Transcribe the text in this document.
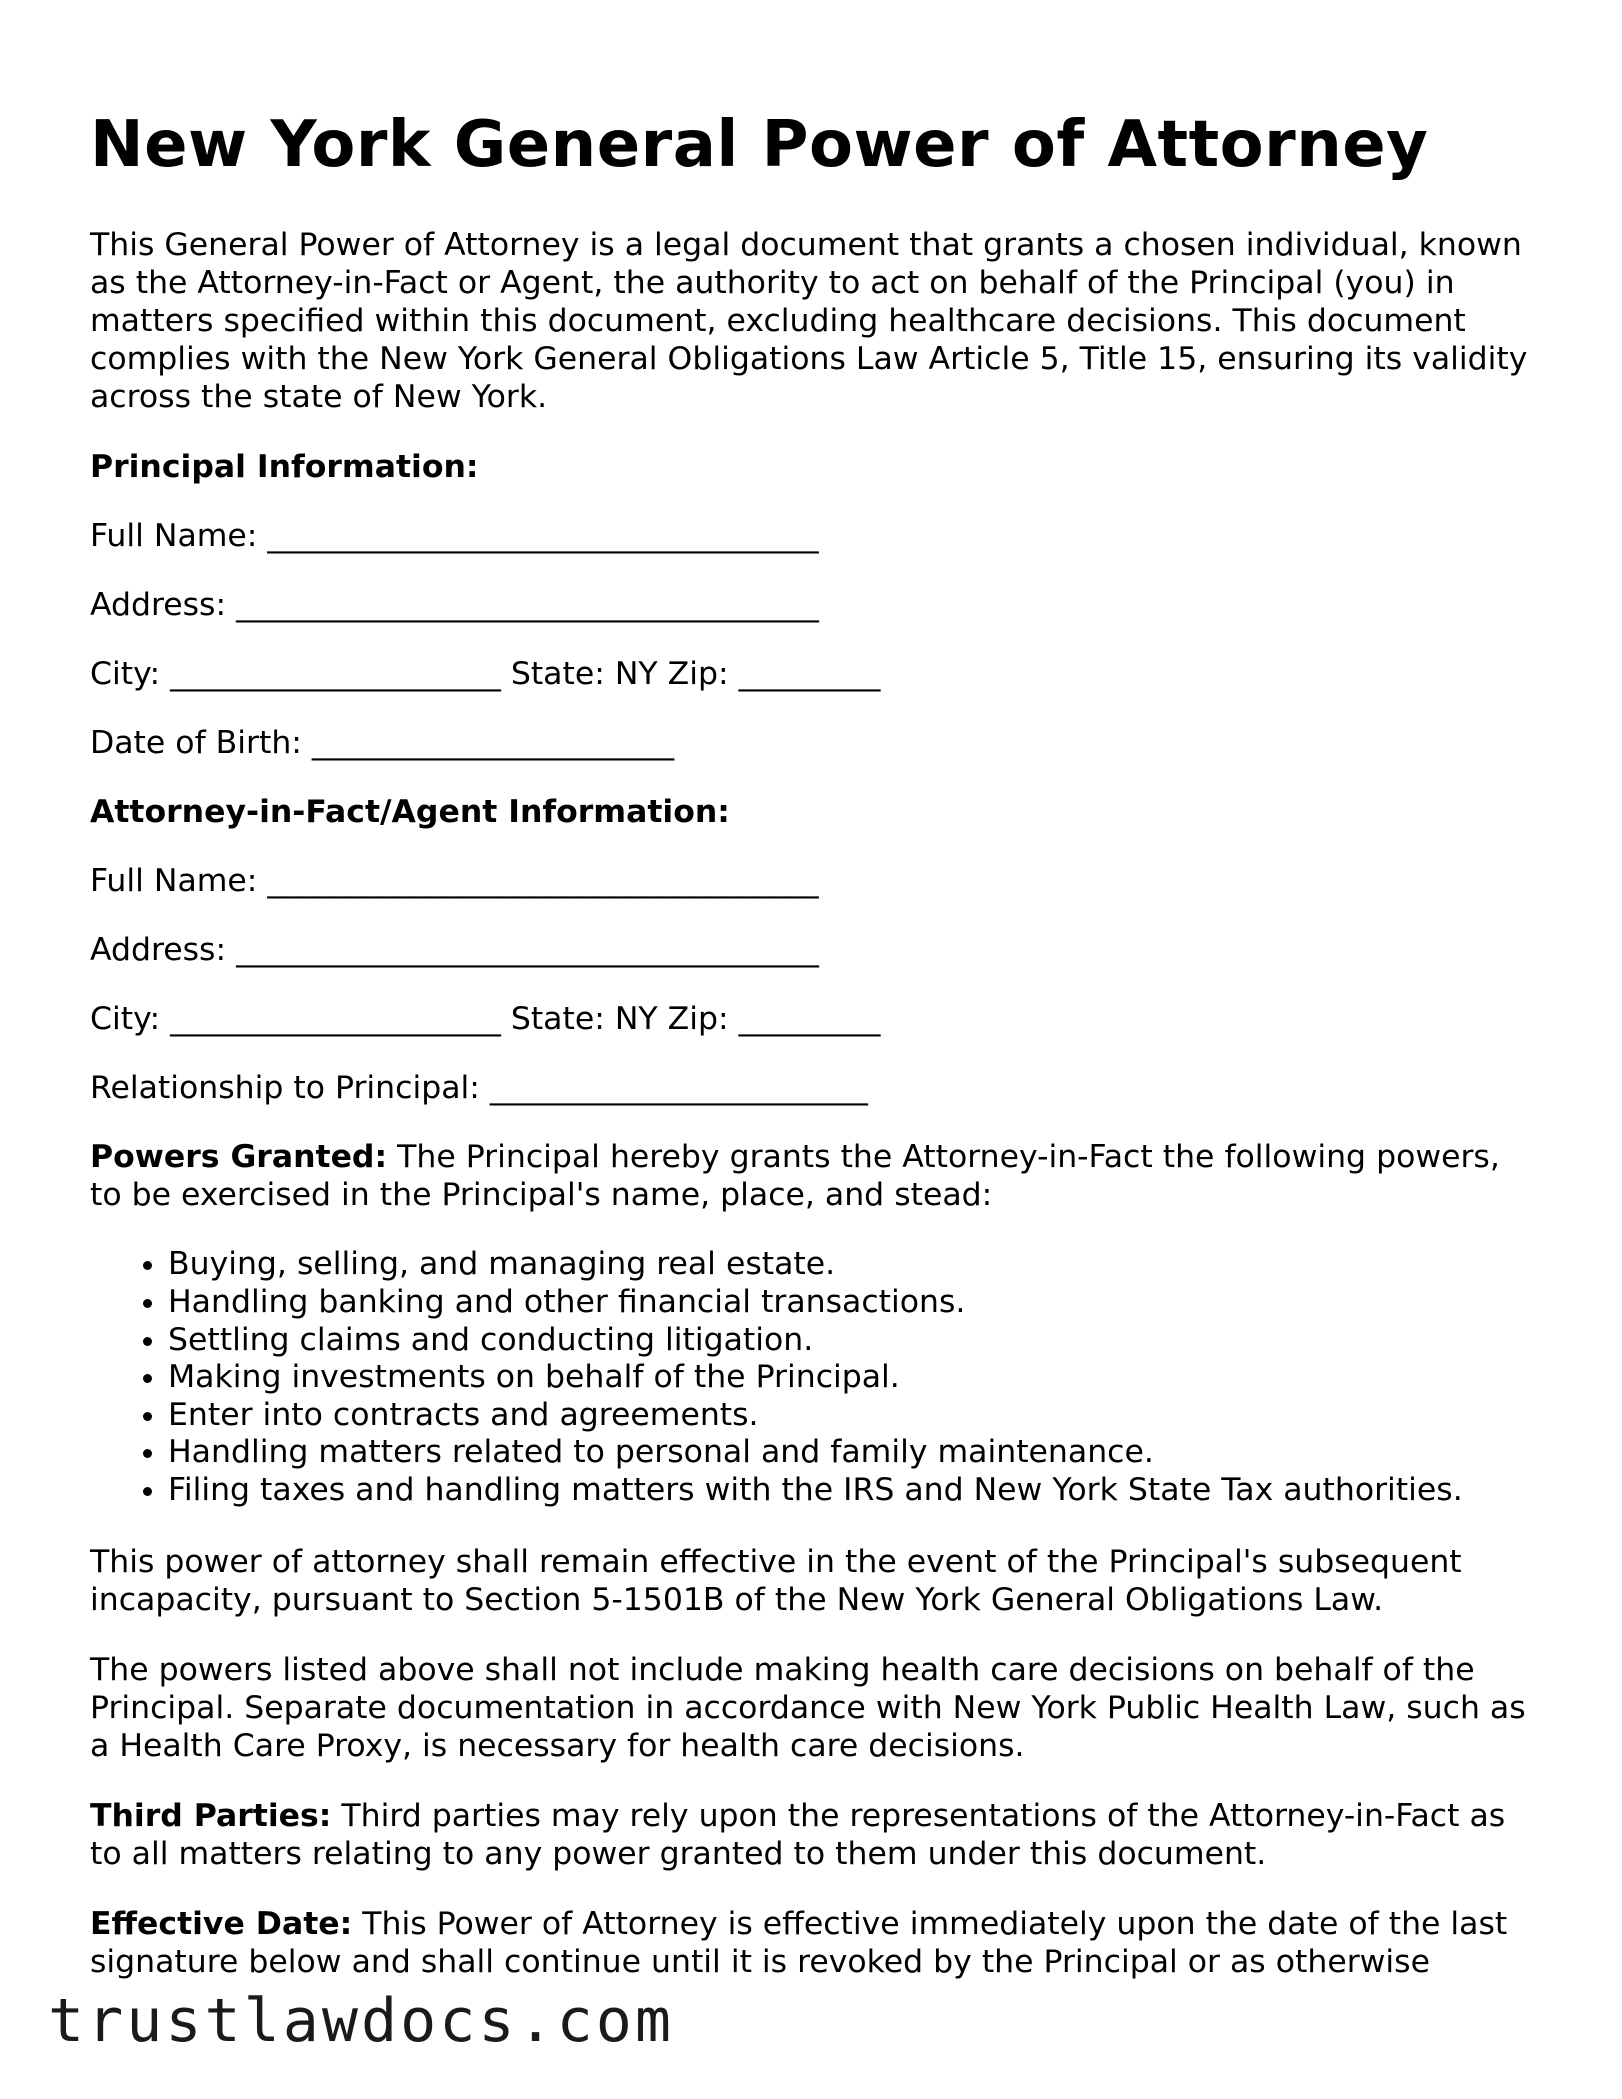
New York General Power of Attorney

This General Power of Attorney is a legal document that grants a chosen individual, known as the Attorney-in-Fact or Agent, the authority to act on behalf of the Principal (you) in matters specified within this document, excluding healthcare decisions. This document complies with the New York General Obligations Law Article 5, Title 15, ensuring its validity across the state of New York.

Principal Information:

Full Name: ___________________________________

Address: _____________________________________

City: _____________________ State: NY Zip: _________

Date of Birth: _______________________

Attorney-in-Fact/Agent Information:

Full Name: ___________________________________

Address: _____________________________________

City: _____________________ State: NY Zip: _________

Relationship to Principal: ________________________

Powers Granted: The Principal hereby grants the Attorney-in-Fact the following powers, to be exercised in the Principal's name, place, and stead:

• Buying, selling, and managing real estate.
• Handling banking and other financial transactions.
• Settling claims and conducting litigation.
• Making investments on behalf of the Principal.
• Enter into contracts and agreements.
• Handling matters related to personal and family maintenance.
• Filing taxes and handling matters with the IRS and New York State Tax authorities.

This power of attorney shall remain effective in the event of the Principal's subsequent incapacity, pursuant to Section 5-1501B of the New York General Obligations Law.

The powers listed above shall not include making health care decisions on behalf of the Principal. Separate documentation in accordance with New York Public Health Law, such as a Health Care Proxy, is necessary for health care decisions.

Third Parties: Third parties may rely upon the representations of the Attorney-in-Fact as to all matters relating to any power granted to them under this document.

Effective Date: This Power of Attorney is effective immediately upon the date of the last signature below and shall continue until it is revoked by the Principal or as otherwise

trustlawdocs.com
